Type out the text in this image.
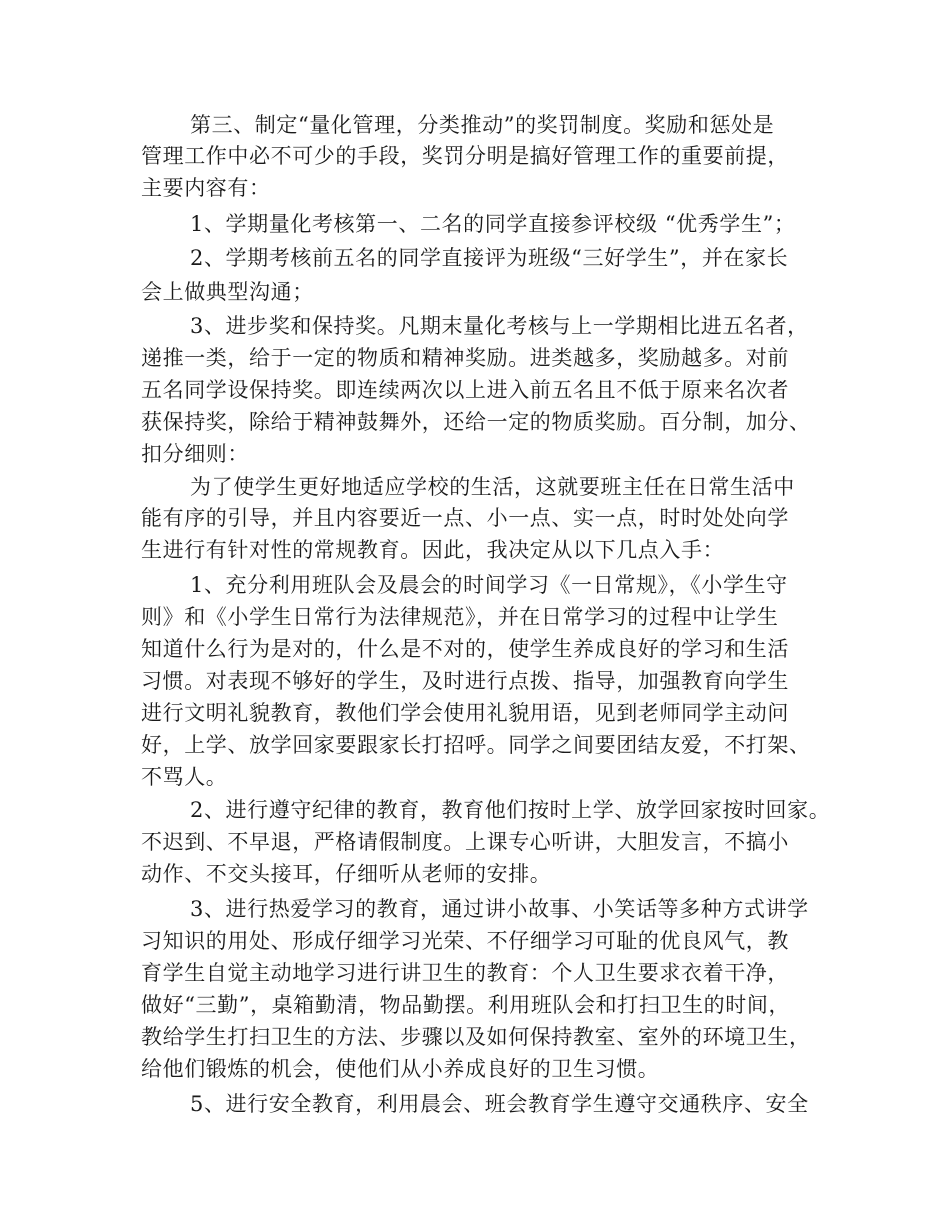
第三、制定“量化管理，分类推动”的奖罚制度。奖励和惩处是
管理工作中必不可少的手段，奖罚分明是搞好管理工作的重要前提，
主要内容有：
1、学期量化考核第一、二名的同学直接参评校级 “优秀学生”；
2、学期考核前五名的同学直接评为班级“三好学生”，并在家长
会上做典型沟通；
3、进步奖和保持奖。凡期末量化考核与上一学期相比进五名者，
递推一类，给于一定的物质和精神奖励。进类越多，奖励越多。对前
五名同学设保持奖。即连续两次以上进入前五名且不低于原来名次者
获保持奖，除给于精神鼓舞外，还给一定的物质奖励。百分制，加分、
扣分细则：
为了使学生更好地适应学校的生活，这就要班主任在日常生活中
能有序的引导，并且内容要近一点、小一点、实一点，时时处处向学
生进行有针对性的常规教育。因此，我决定从以下几点入手：
1、充分利用班队会及晨会的时间学习《一日常规》，《小学生守
则》和《小学生日常行为法律规范》，并在日常学习的过程中让学生
知道什么行为是对的，什么是不对的，使学生养成良好的学习和生活
习惯。对表现不够好的学生，及时进行点拨、指导，加强教育向学生
进行文明礼貌教育，教他们学会使用礼貌用语，见到老师同学主动问
好，上学、放学回家要跟家长打招呼。同学之间要团结友爱，不打架、
不骂人。
2、进行遵守纪律的教育，教育他们按时上学、放学回家按时回家。
不迟到、不早退，严格请假制度。上课专心听讲，大胆发言，不搞小
动作、不交头接耳，仔细听从老师的安排。
3、进行热爱学习的教育，通过讲小故事、小笑话等多种方式讲学
习知识的用处、形成仔细学习光荣、不仔细学习可耻的优良风气，教
育学生自觉主动地学习进行讲卫生的教育：个人卫生要求衣着干净，
做好“三勤”，桌箱勤清，物品勤摆。利用班队会和打扫卫生的时间，
教给学生打扫卫生的方法、步骤以及如何保持教室、室外的环境卫生，
给他们锻炼的机会，使他们从小养成良好的卫生习惯。
5、进行安全教育，利用晨会、班会教育学生遵守交通秩序、安全
